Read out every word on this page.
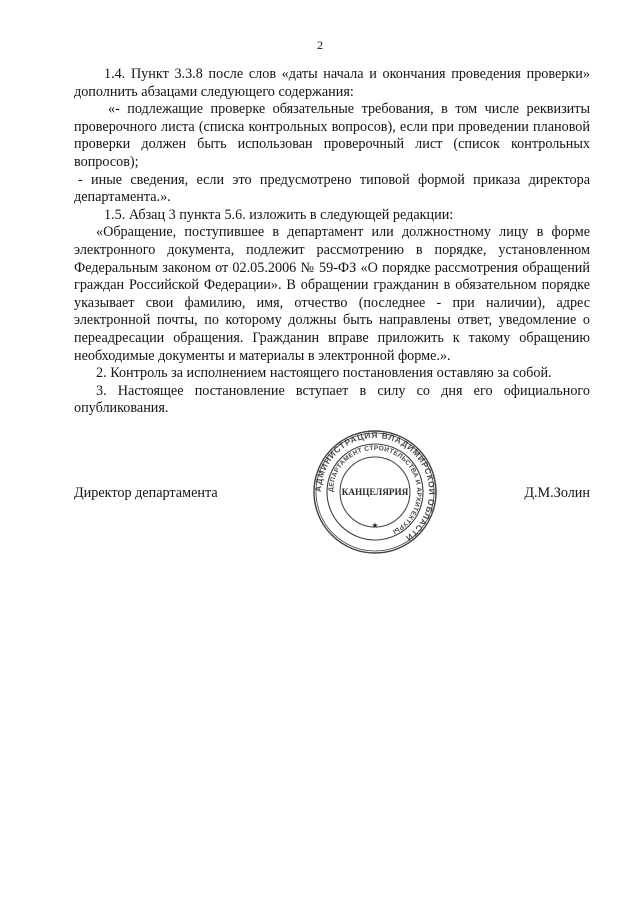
2

1.4. Пункт 3.3.8 после слов «даты начала и окончания проведения проверки» дополнить абзацами следующего содержания:

«- подлежащие проверке обязательные требования, в том числе реквизиты проверочного листа (списка контрольных вопросов), если при проведении плановой проверки должен быть использован проверочный лист (список контрольных вопросов);

- иные сведения, если это предусмотрено типовой формой приказа директора департамента.».

1.5. Абзац 3 пункта 5.6. изложить в следующей редакции:

«Обращение, поступившее в департамент или должностному лицу в форме электронного документа, подлежит рассмотрению в порядке, установленном Федеральным законом от 02.05.2006 № 59-ФЗ «О порядке рассмотрения обращений граждан Российской Федерации». В обращении гражданин в обязательном порядке указывает свои фамилию, имя, отчество (последнее - при наличии), адрес электронной почты, по которому должны быть направлены ответ, уведомление о переадресации обращения. Гражданин вправе приложить к такому обращению необходимые документы и материалы в электронной форме.».

2. Контроль за исполнением настоящего постановления оставляю за собой.

3. Настоящее постановление вступает в силу со дня его официального опубликования.

Директор департамента	Д.М.Золин
АДМИНИСТРАЦИЯ ВЛАДИМИРСКОЙ ОБЛАСТИ
ДЕПАРТАМЕНТ СТРОИТЕЛЬСТВА И АРХИТЕКТУРЫ
КАНЦЕЛЯРИЯ
★
